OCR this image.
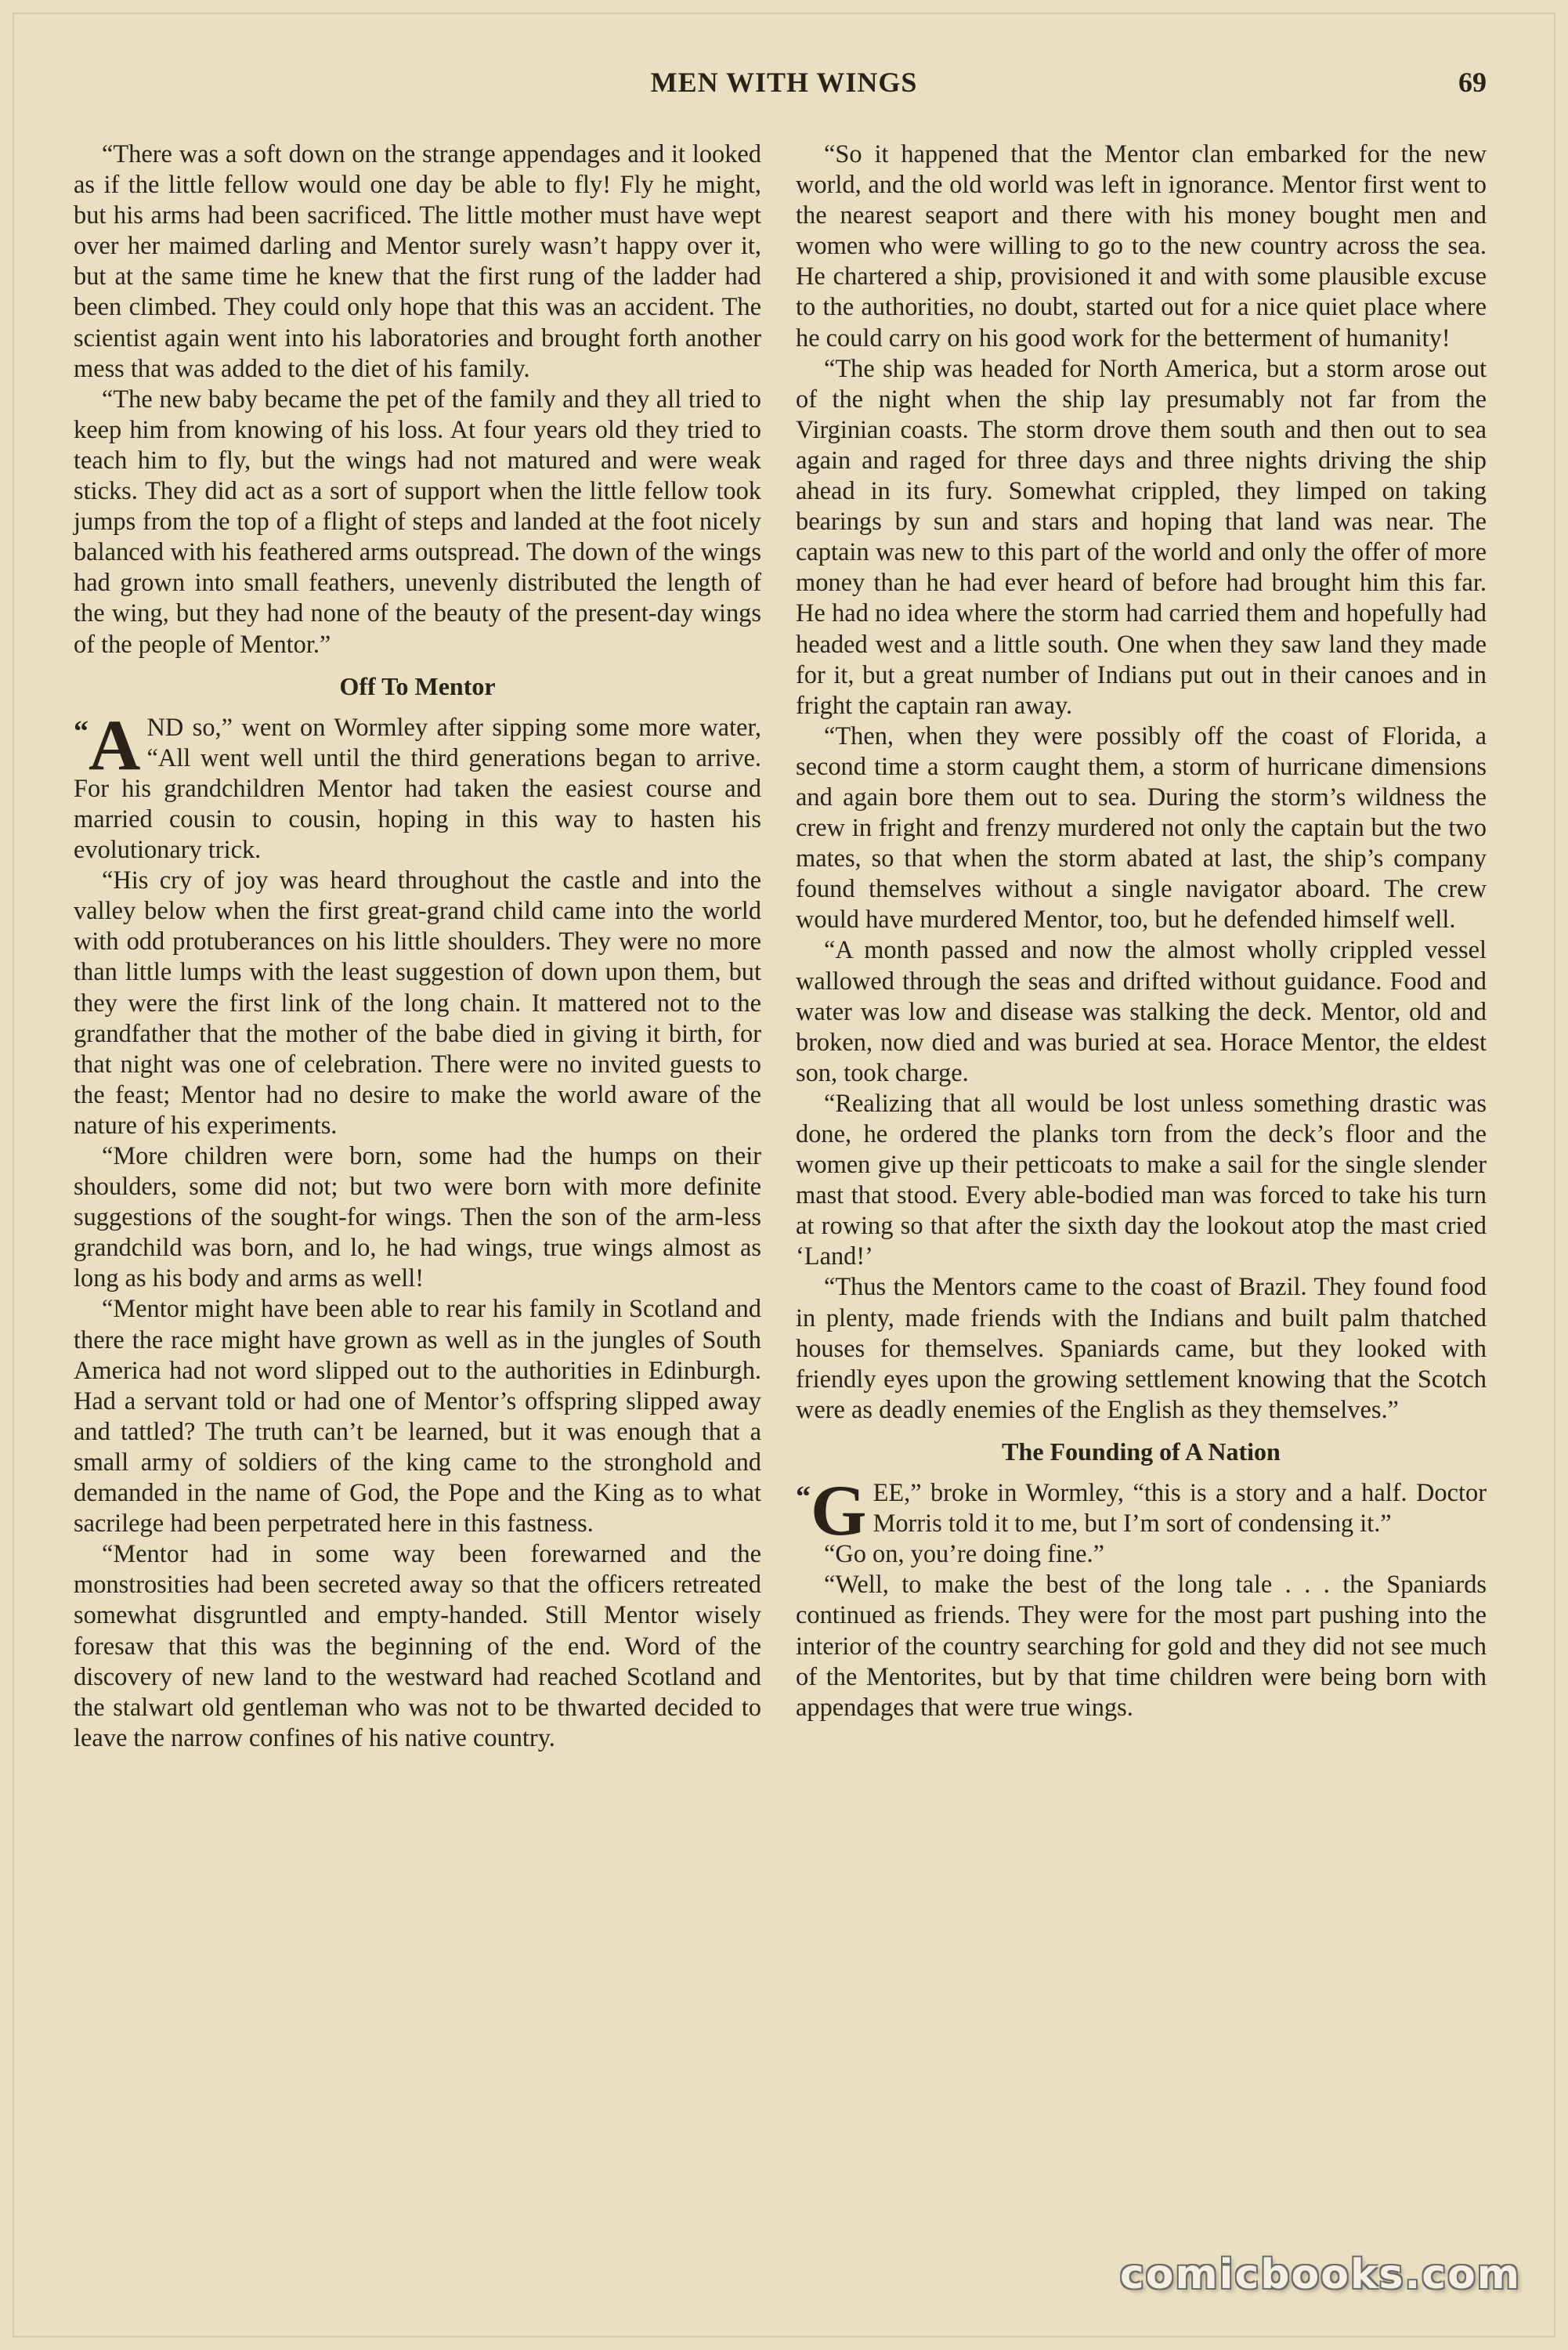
MEN WITH WINGS	69

“There was a soft down on the strange appendages and it looked as if the little fellow would one day be able to fly! Fly he might, but his arms had been sacrificed. The little mother must have wept over her maimed darling and Mentor surely wasn’t happy over it, but at the same time he knew that the first rung of the ladder had been climbed. They could only hope that this was an accident. The scientist again went into his laboratories and brought forth another mess that was added to the diet of his family.

“The new baby became the pet of the family and they all tried to keep him from knowing of his loss. At four years old they tried to teach him to fly, but the wings had not matured and were weak sticks. They did act as a sort of support when the little fellow took jumps from the top of a flight of steps and landed at the foot nicely balanced with his feathered arms outspread. The down of the wings had grown into small feathers, unevenly distributed the length of the wing, but they had none of the beauty of the present-day wings of the people of Mentor.”

Off To Mentor

“A ND so,” went on Wormley after sipping some more water, “All went well until the third generations began to arrive. For his grandchildren Mentor had taken the easiest course and married cousin to cousin, hoping in this way to hasten his evolutionary trick.

“His cry of joy was heard throughout the castle and into the valley below when the first great-grand child came into the world with odd protuberances on his little shoulders. They were no more than little lumps with the least suggestion of down upon them, but they were the first link of the long chain. It mattered not to the grandfather that the mother of the babe died in giving it birth, for that night was one of celebration. There were no invited guests to the feast; Mentor had no desire to make the world aware of the nature of his experiments.

“More children were born, some had the humps on their shoulders, some did not; but two were born with more definite suggestions of the sought-for wings. Then the son of the arm-less grandchild was born, and lo, he had wings, true wings almost as long as his body and arms as well!

“Mentor might have been able to rear his family in Scotland and there the race might have grown as well as in the jungles of South America had not word slipped out to the authorities in Edinburgh. Had a servant told or had one of Mentor’s offspring slipped away and tattled? The truth can’t be learned, but it was enough that a small army of soldiers of the king came to the stronghold and demanded in the name of God, the Pope and the King as to what sacrilege had been perpetrated here in this fastness.

“Mentor had in some way been forewarned and the monstrosities had been secreted away so that the officers retreated somewhat disgruntled and empty-handed. Still Mentor wisely foresaw that this was the beginning of the end. Word of the discovery of new land to the westward had reached Scotland and the stalwart old gentleman who was not to be thwarted decided to leave the narrow confines of his native country.

“So it happened that the Mentor clan embarked for the new world, and the old world was left in ignorance. Mentor first went to the nearest seaport and there with his money bought men and women who were willing to go to the new country across the sea. He chartered a ship, provisioned it and with some plausible excuse to the authorities, no doubt, started out for a nice quiet place where he could carry on his good work for the betterment of humanity!

“The ship was headed for North America, but a storm arose out of the night when the ship lay presumably not far from the Virginian coasts. The storm drove them south and then out to sea again and raged for three days and three nights driving the ship ahead in its fury. Somewhat crippled, they limped on taking bearings by sun and stars and hoping that land was near. The captain was new to this part of the world and only the offer of more money than he had ever heard of before had brought him this far. He had no idea where the storm had carried them and hopefully had headed west and a little south. One when they saw land they made for it, but a great number of Indians put out in their canoes and in fright the captain ran away.

“Then, when they were possibly off the coast of Florida, a second time a storm caught them, a storm of hurricane dimensions and again bore them out to sea. During the storm’s wildness the crew in fright and frenzy murdered not only the captain but the two mates, so that when the storm abated at last, the ship’s company found themselves without a single navigator aboard. The crew would have murdered Mentor, too, but he defended himself well.

“A month passed and now the almost wholly crippled vessel wallowed through the seas and drifted without guidance. Food and water was low and disease was stalking the deck. Mentor, old and broken, now died and was buried at sea. Horace Mentor, the eldest son, took charge.

“Realizing that all would be lost unless something drastic was done, he ordered the planks torn from the deck’s floor and the women give up their petticoats to make a sail for the single slender mast that stood. Every able-bodied man was forced to take his turn at rowing so that after the sixth day the lookout atop the mast cried ‘Land!’

“Thus the Mentors came to the coast of Brazil. They found food in plenty, made friends with the Indians and built palm thatched houses for themselves. Spaniards came, but they looked with friendly eyes upon the growing settlement knowing that the Scotch were as deadly enemies of the English as they themselves.”

The Founding of A Nation

“G EE,” broke in Wormley, “this is a story and a half. Doctor Morris told it to me, but I’m sort of condensing it.”

“Go on, you’re doing fine.”

“Well, to make the best of the long tale . . . the Spaniards continued as friends. They were for the most part pushing into the interior of the country searching for gold and they did not see much of the Mentorites, but by that time children were being born with appendages that were true wings.

comicbooks.com
